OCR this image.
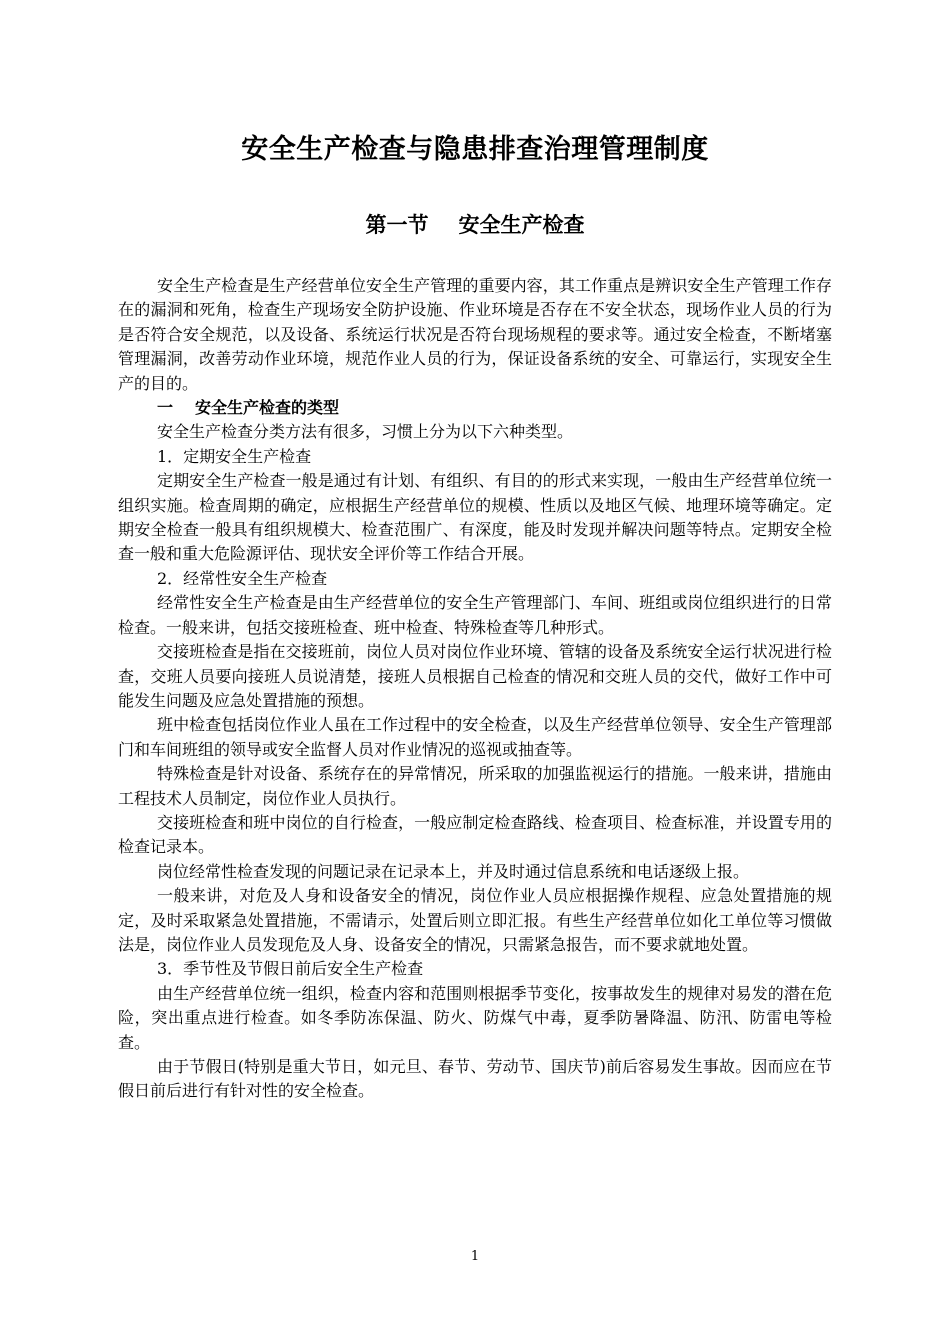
安全生产检查与隐患排查治理管理制度
第一节 安全生产检查

安全生产检查是生产经营单位安全生产管理的重要内容，其工作重点是辨识安全生产管理工作存在的漏洞和死角，检查生产现场安全防护设施、作业环境是否存在不安全状态，现场作业人员的行为是否符合安全规范，以及设备、系统运行状况是否符台现场规程的要求等。通过安全检查，不断堵塞管理漏洞，改善劳动作业环境，规范作业人员的行为，保证设备系统的安全、可靠运行，实现安全生产的目的。

一 安全生产检查的类型

安全生产检查分类方法有很多，习惯上分为以下六种类型。

1．定期安全生产检查

定期安全生产检查一般是通过有计划、有组织、有目的的形式来实现，一般由生产经营单位统一组织实施。检查周期的确定，应根据生产经营单位的规模、性质以及地区气候、地理环境等确定。定期安全检查一般具有组织规模大、检查范围广、有深度，能及时发现并解决问题等特点。定期安全检查一般和重大危险源评估、现状安全评价等工作结合开展。

2．经常性安全生产检查

经常性安全生产检查是由生产经营单位的安全生产管理部门、车间、班组或岗位组织进行的日常检查。一般来讲，包括交接班检查、班中检查、特殊检查等几种形式。

交接班检查是指在交接班前，岗位人员对岗位作业环境、管辖的设备及系统安全运行状况进行检查，交班人员要向接班人员说清楚，接班人员根据自己检查的情况和交班人员的交代，做好工作中可能发生问题及应急处置措施的预想。

班中检查包括岗位作业人虽在工作过程中的安全检查，以及生产经营单位领导、安全生产管理部门和车间班组的领导或安全监督人员对作业情况的巡视或抽查等。

特殊检查是针对设备、系统存在的异常情况，所采取的加强监视运行的措施。一般来讲，措施由工程技术人员制定，岗位作业人员执行。

交接班检查和班中岗位的自行检查，一般应制定检查路线、检查项目、检查标准，并设置专用的检查记录本。

岗位经常性检查发现的问题记录在记录本上，并及时通过信息系统和电话逐级上报。

一般来讲，对危及人身和设备安全的情况，岗位作业人员应根据操作规程、应急处置措施的规定，及时采取紧急处置措施，不需请示，处置后则立即汇报。有些生产经营单位如化工单位等习惯做法是，岗位作业人员发现危及人身、设备安全的情况，只需紧急报告，而不要求就地处置。

3．季节性及节假日前后安全生产检查

由生产经营单位统一组织，检查内容和范围则根据季节变化，按事故发生的规律对易发的潜在危险，突出重点进行检查。如冬季防冻保温、防火、防煤气中毒，夏季防暑降温、防汛、防雷电等检查。

由于节假日(特别是重大节日，如元旦、春节、劳动节、国庆节)前后容易发生事故。因而应在节假日前后进行有针对性的安全检查。

1
